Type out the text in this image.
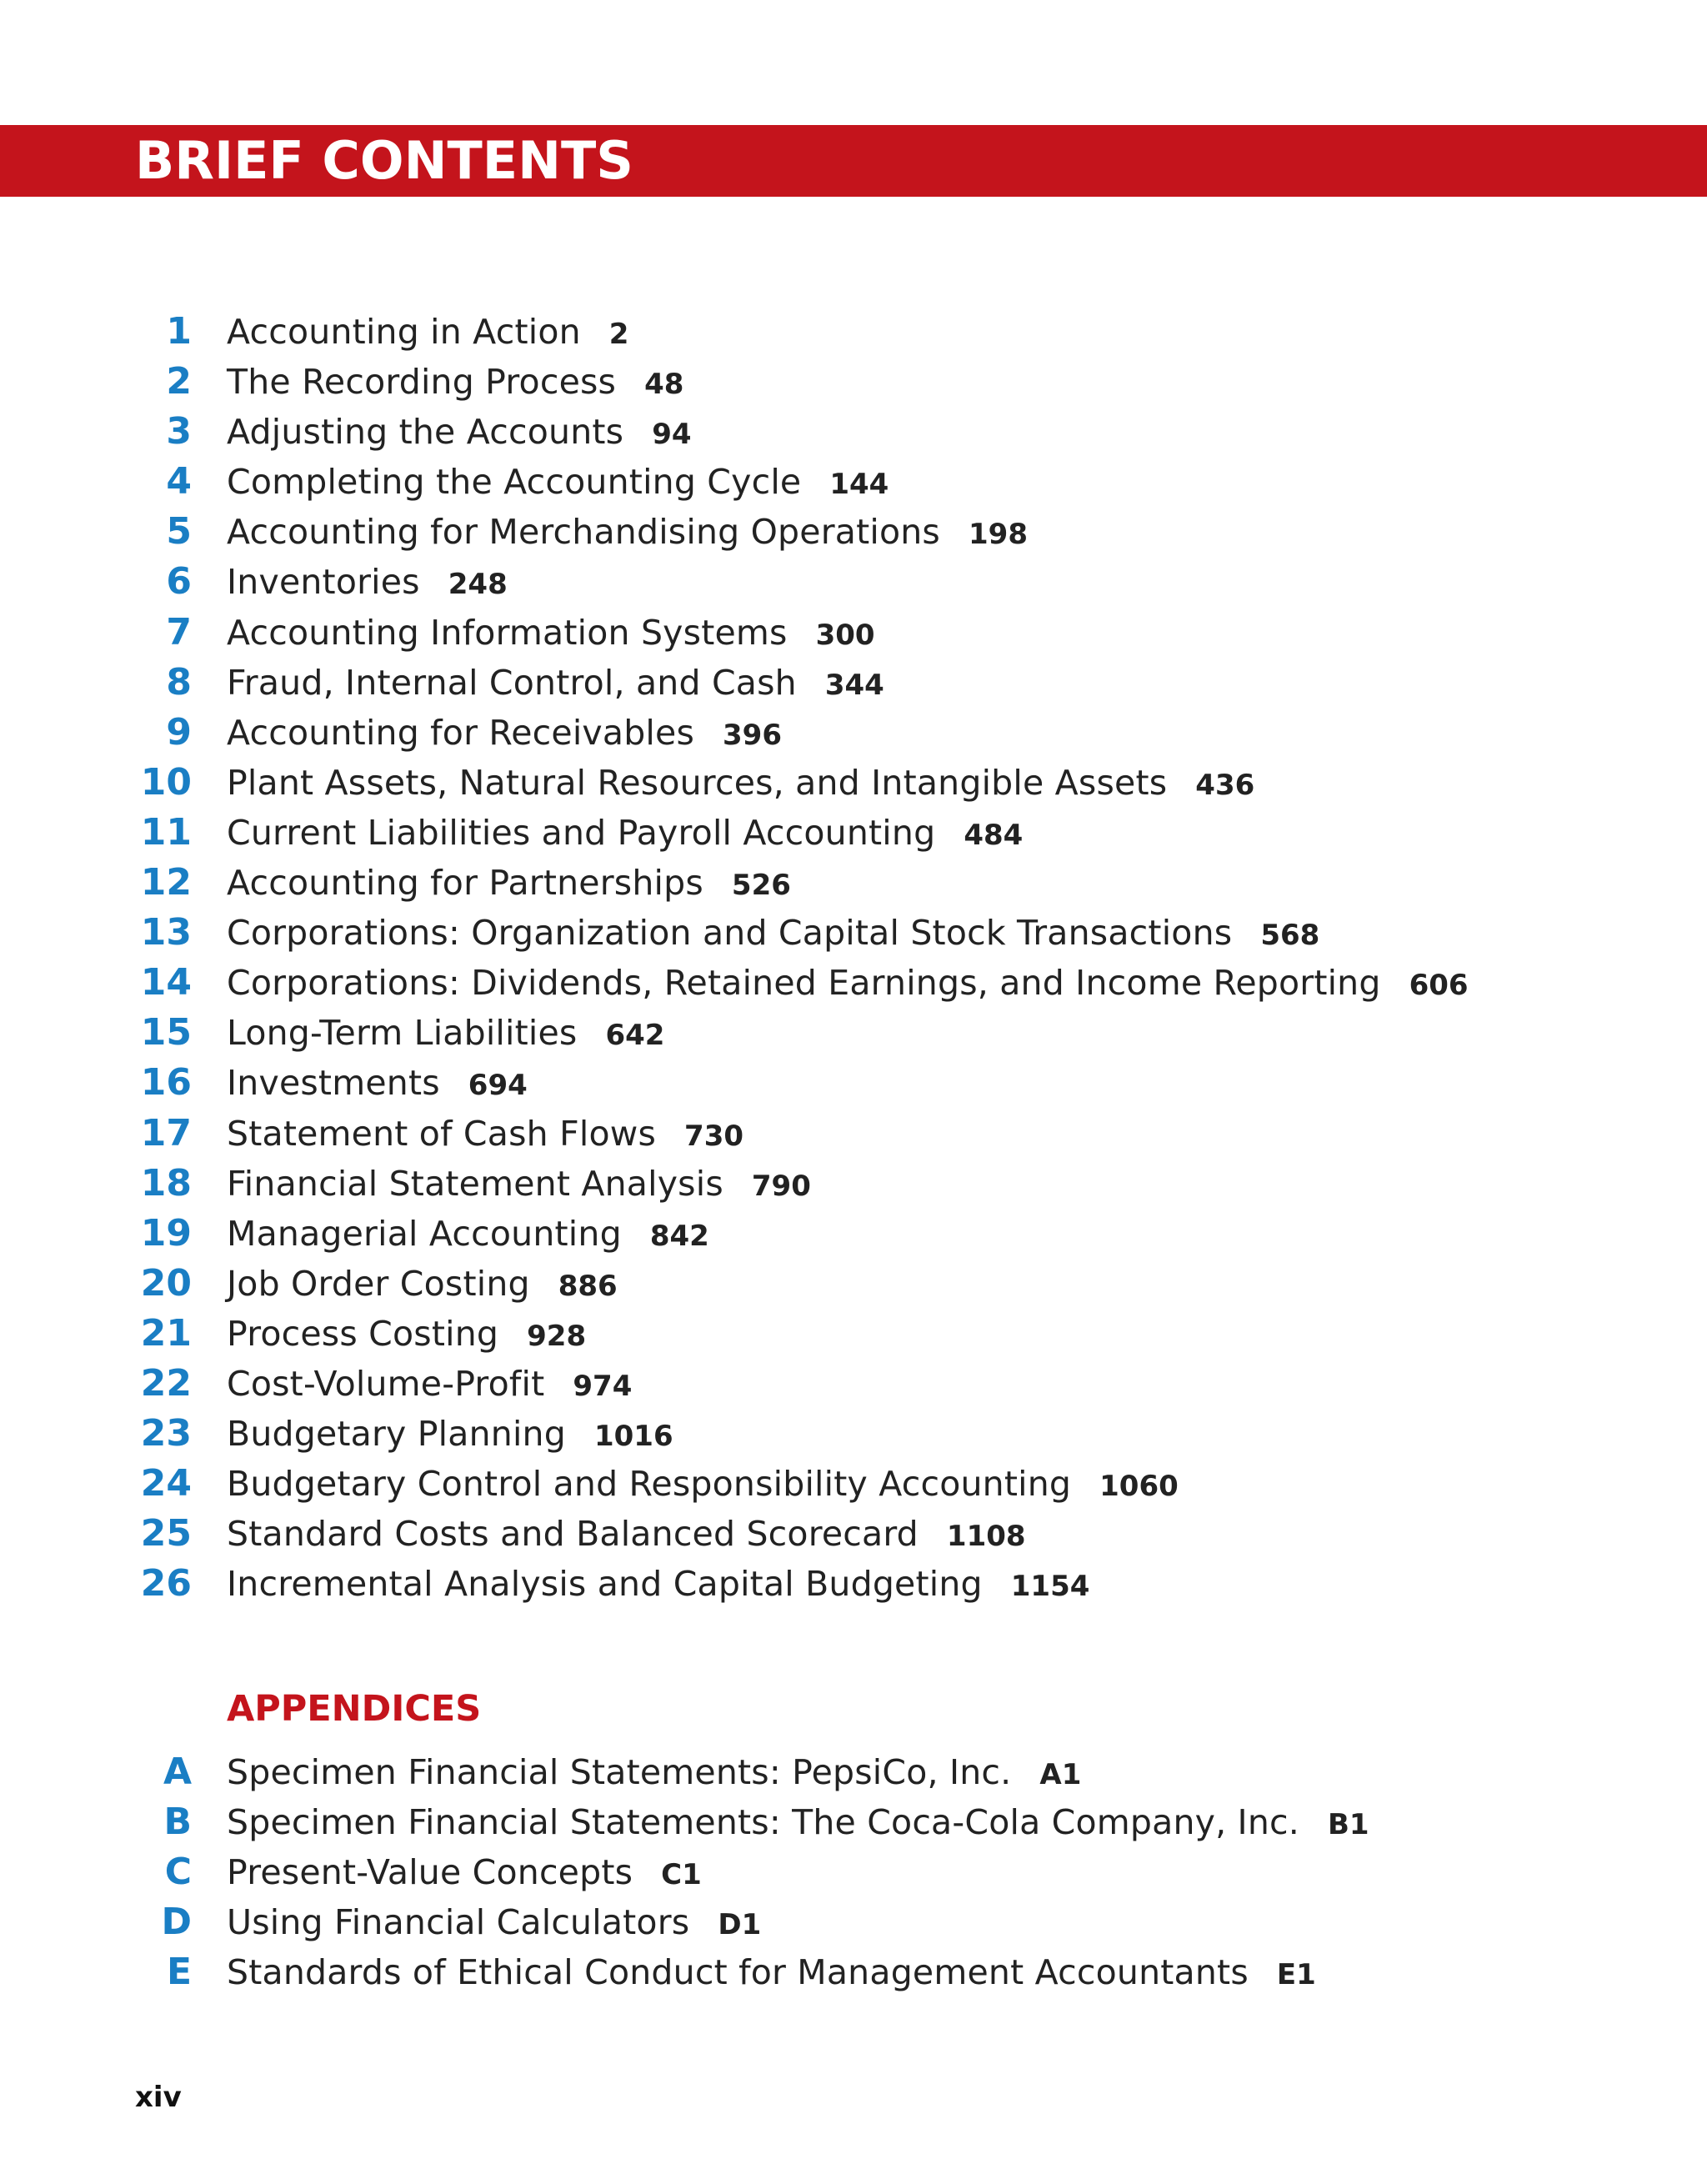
BRIEF CONTENTS
1 Accounting in Action 2
2 The Recording Process 48
3 Adjusting the Accounts 94
4 Completing the Accounting Cycle 144
5 Accounting for Merchandising Operations 198
6 Inventories 248
7 Accounting Information Systems 300
8 Fraud, Internal Control, and Cash 344
9 Accounting for Receivables 396
10 Plant Assets, Natural Resources, and Intangible Assets 436
11 Current Liabilities and Payroll Accounting 484
12 Accounting for Partnerships 526
13 Corporations: Organization and Capital Stock Transactions 568
14 Corporations: Dividends, Retained Earnings, and Income Reporting 606
15 Long-Term Liabilities 642
16 Investments 694
17 Statement of Cash Flows 730
18 Financial Statement Analysis 790
19 Managerial Accounting 842
20 Job Order Costing 886
21 Process Costing 928
22 Cost-Volume-Profit 974
23 Budgetary Planning 1016
24 Budgetary Control and Responsibility Accounting 1060
25 Standard Costs and Balanced Scorecard 1108
26 Incremental Analysis and Capital Budgeting 1154
APPENDICES
A Specimen Financial Statements: PepsiCo, Inc. A1
B Specimen Financial Statements: The Coca-Cola Company, Inc. B1
C Present-Value Concepts C1
D Using Financial Calculators D1
E Standards of Ethical Conduct for Management Accountants E1
xiv
